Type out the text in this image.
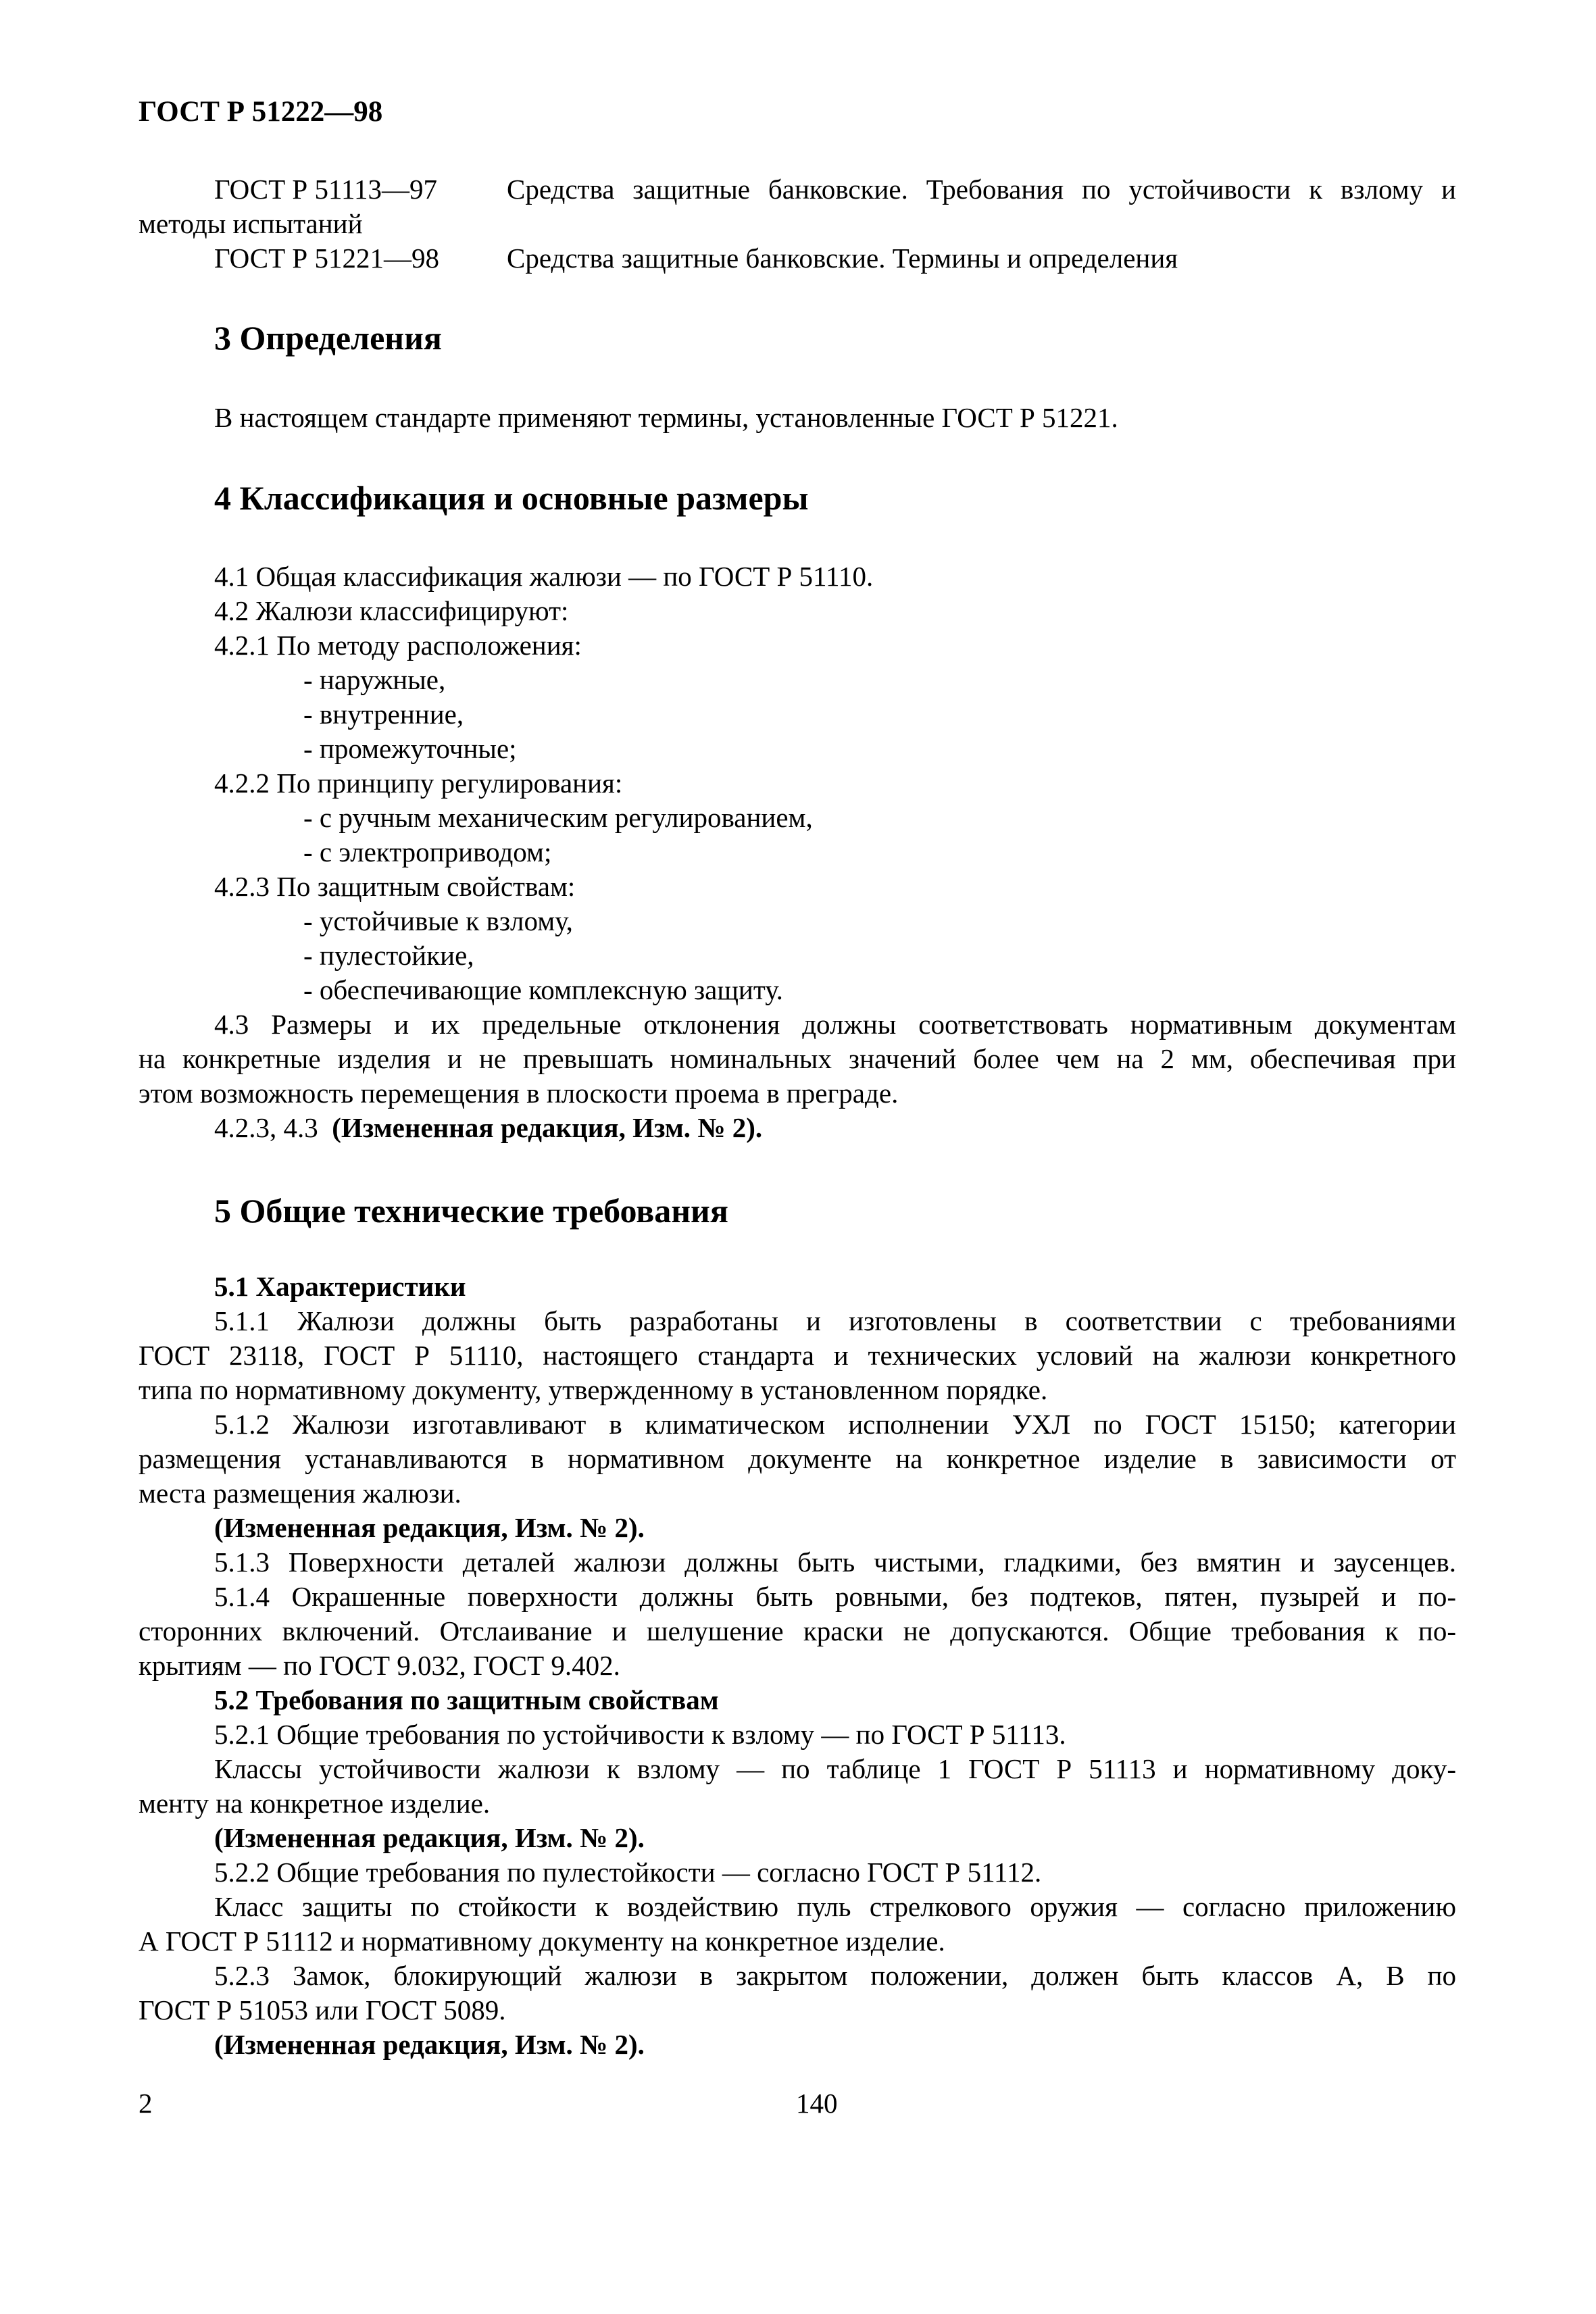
ГОСТ Р 51222—98
ГОСТ Р 51113—97	Средства защитные банковские. Требования по устойчивости к взлому и
методы испытаний
ГОСТ Р 51221—98 Средства защитные банковские. Термины и определения
3 Определения
В настоящем стандарте применяют термины, установленные ГОСТ Р 51221.
4 Классификация и основные размеры
4.1 Общая классификация жалюзи — по ГОСТ Р 51110.
4.2 Жалюзи классифицируют:
4.2.1 По методу расположения:
- наружные,
- внутренние,
- промежуточные;
4.2.2 По принципу регулирования:
- с ручным механическим регулированием,
- с электроприводом;
4.2.3 По защитным свойствам:
- устойчивые к взлому,
- пулестойкие,
- обеспечивающие комплексную защиту.
4.3 Размеры и их предельные отклонения должны соответствовать нормативным документам
на конкретные изделия и не превышать номинальных значений более чем на 2 мм, обеспечивая при
этом возможность перемещения в плоскости проема в преграде.
4.2.3, 4.3 (Измененная редакция, Изм. № 2).
5 Общие технические требования
5.1 Характеристики
5.1.1 Жалюзи должны быть разработаны и изготовлены в соответствии с требованиями
ГОСТ 23118, ГОСТ Р 51110, настоящего стандарта и технических условий на жалюзи конкретного
типа по нормативному документу, утвержденному в установленном порядке.
5.1.2 Жалюзи изготавливают в климатическом исполнении УХЛ по ГОСТ 15150; категории
размещения устанавливаются в нормативном документе на конкретное изделие в зависимости от
места размещения жалюзи.
(Измененная редакция, Изм. № 2).
5.1.3 Поверхности деталей жалюзи должны быть чистыми, гладкими, без вмятин и заусенцев.
5.1.4 Окрашенные поверхности должны быть ровными, без подтеков, пятен, пузырей и по-
сторонних включений. Отслаивание и шелушение краски не допускаются. Общие требования к по-
крытиям — по ГОСТ 9.032, ГОСТ 9.402.
5.2 Требования по защитным свойствам
5.2.1 Общие требования по устойчивости к взлому — по ГОСТ Р 51113.
Классы устойчивости жалюзи к взлому — по таблице 1 ГОСТ Р 51113 и нормативному доку-
менту на конкретное изделие.
(Измененная редакция, Изм. № 2).
5.2.2 Общие требования по пулестойкости — согласно ГОСТ Р 51112.
Класс защиты по стойкости к воздействию пуль стрелкового оружия — согласно приложению
А ГОСТ Р 51112 и нормативному документу на конкретное изделие.
5.2.3 Замок, блокирующий жалюзи в закрытом положении, должен быть классов А, В по
ГОСТ Р 51053 или ГОСТ 5089.
(Измененная редакция, Изм. № 2).
2	140
